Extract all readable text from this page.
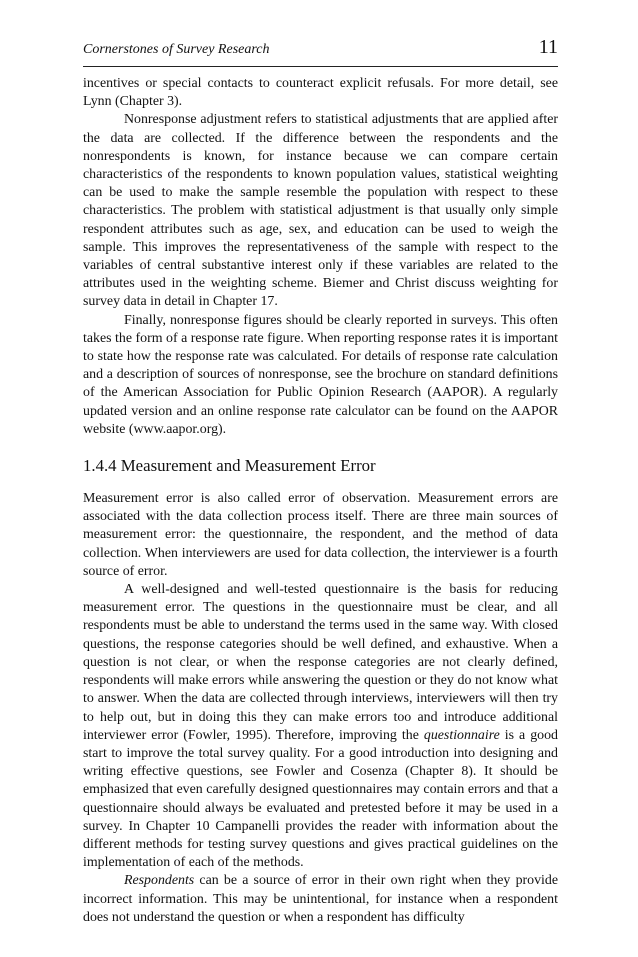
Cornerstones of Survey Research	11

incentives or special contacts to counteract explicit refusals. For more detail, see Lynn (Chapter 3).

Nonresponse adjustment refers to statistical adjustments that are applied after the data are collected. If the difference between the respondents and the nonrespondents is known, for instance because we can compare certain characteristics of the respondents to known population values, statistical weighting can be used to make the sample resemble the population with respect to these characteristics. The problem with statistical adjustment is that usually only simple respondent attributes such as age, sex, and education can be used to weigh the sample. This improves the representativeness of the sample with respect to the variables of central substantive interest only if these variables are related to the attributes used in the weighting scheme. Biemer and Christ discuss weighting for survey data in detail in Chapter 17.

Finally, nonresponse figures should be clearly reported in surveys. This often takes the form of a response rate figure. When reporting response rates it is important to state how the response rate was calculated. For details of response rate calculation and a description of sources of nonresponse, see the brochure on standard definitions of the American Association for Public Opinion Research (AAPOR). A regularly updated version and an online response rate calculator can be found on the AAPOR website (www.aapor.org).

1.4.4 Measurement and Measurement Error

Measurement error is also called error of observation. Measurement errors are associated with the data collection process itself. There are three main sources of measurement error: the questionnaire, the respondent, and the method of data collection. When interviewers are used for data collection, the interviewer is a fourth source of error.

A well-designed and well-tested questionnaire is the basis for reducing measurement error. The questions in the questionnaire must be clear, and all respondents must be able to understand the terms used in the same way. With closed questions, the response categories should be well defined, and exhaustive. When a question is not clear, or when the response categories are not clearly defined, respondents will make errors while answering the question or they do not know what to answer. When the data are collected through interviews, interviewers will then try to help out, but in doing this they can make errors too and introduce additional interviewer error (Fowler, 1995). Therefore, improving the questionnaire is a good start to improve the total survey quality. For a good introduction into designing and writing effective questions, see Fowler and Cosenza (Chapter 8). It should be emphasized that even carefully designed questionnaires may contain errors and that a questionnaire should always be evaluated and pretested before it may be used in a survey. In Chapter 10 Campanelli provides the reader with information about the different methods for testing survey questions and gives practical guidelines on the implementation of each of the methods.

Respondents can be a source of error in their own right when they provide incorrect information. This may be unintentional, for instance when a respondent does not understand the question or when a respondent has difficulty
